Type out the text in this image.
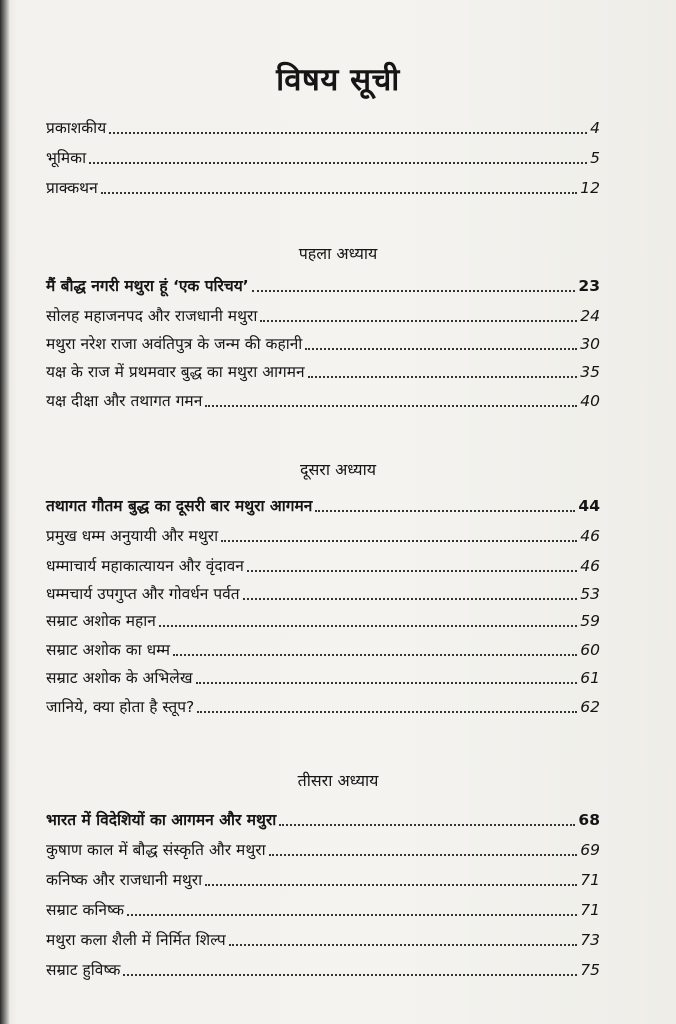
विषय सूची
प्रकाशकीय	4
भूमिका	5
प्राक्कथन	12
पहला अध्याय
मैं बौद्ध नगरी मथुरा हूं ‘एक परिचय’	23
सोलह महाजनपद और राजधानी मथुरा	24
मथुरा नरेश राजा अवंतिपुत्र के जन्म की कहानी	30
यक्ष के राज में प्रथमवार बुद्ध का मथुरा आगमन	35
यक्ष दीक्षा और तथागत गमन	40
दूसरा अध्याय
तथागत गौतम बुद्ध का दूसरी बार मथुरा आगमन	44
प्रमुख धम्म अनुयायी और मथुरा	46
धम्माचार्य महाकात्यायन और वृंदावन	46
धम्मचार्य उपगुप्त और गोवर्धन पर्वत	53
सम्राट अशोक महान	59
सम्राट अशोक का धम्म	60
सम्राट अशोक के अभिलेख	61
जानिये, क्या होता है स्तूप?	62
तीसरा अध्याय
भारत में विदेशियों का आगमन और मथुरा	68
कुषाण काल में बौद्ध संस्कृति और मथुरा	69
कनिष्क और राजधानी मथुरा	71
सम्राट कनिष्क	71
मथुरा कला शैली में निर्मित शिल्प	73
सम्राट हुविष्क	75
